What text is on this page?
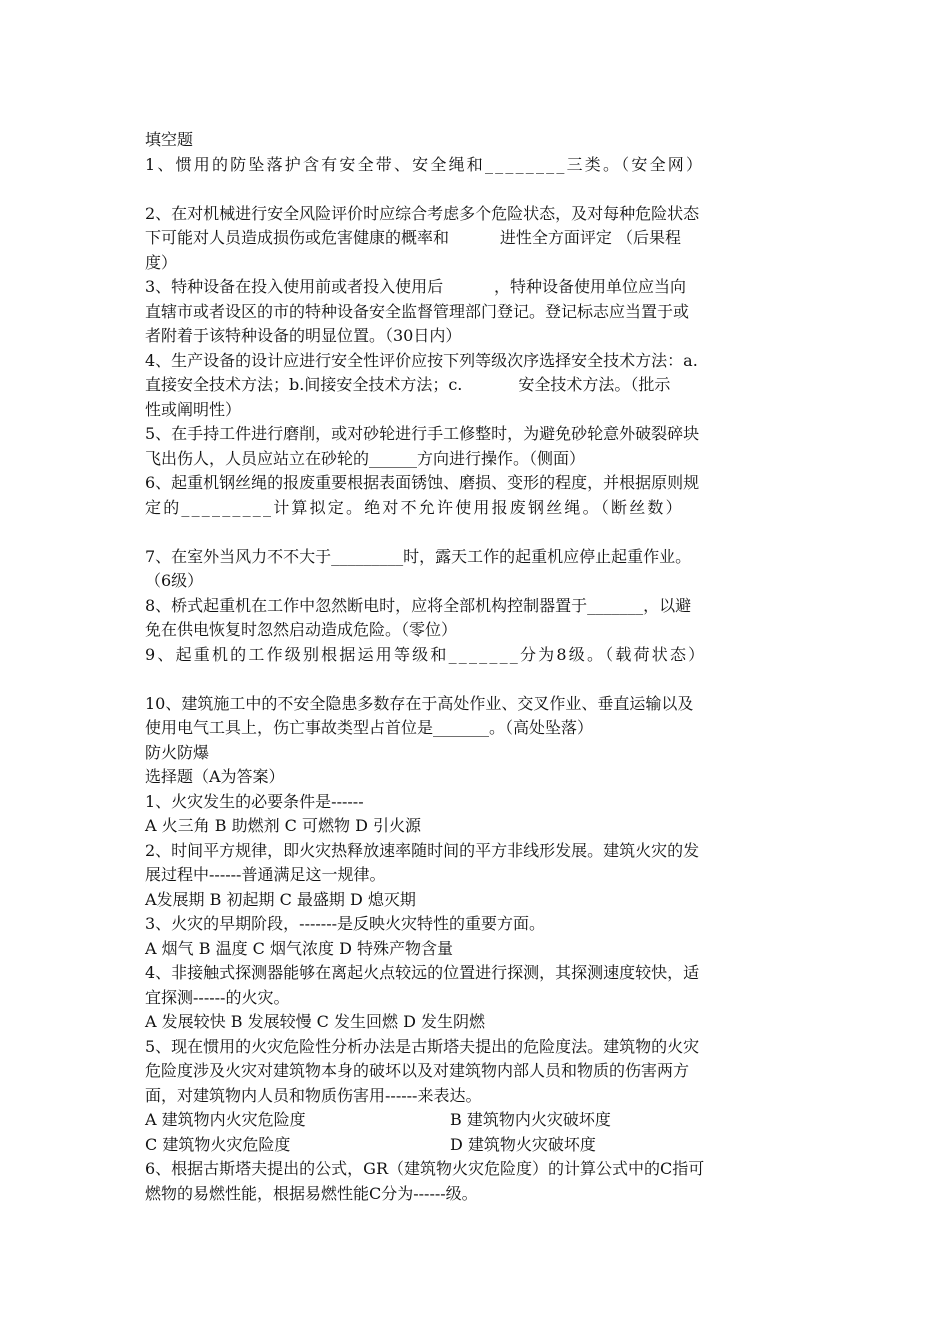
填空题
1、惯用的防坠落护含有安全带、安全绳和________三类。（安全网）
2、在对机械进行安全风险评价时应综合考虑多个危险状态，及对每种危险状态
下可能对人员造成损伤或危害健康的概率和          进性全方面评定 （后果程
度）
3、特种设备在投入使用前或者投入使用后          ，特种设备使用单位应当向
直辖市或者设区的市的特种设备安全监督管理部门登记。登记标志应当置于或
者附着于该特种设备的明显位置。（30日内）
4、生产设备的设计应进行安全性评价应按下列等级次序选择安全技术方法：a.
直接安全技术方法；b.间接安全技术方法；c.           安全技术方法。（批示
性或阐明性）
5、在手持工件进行磨削，或对砂轮进行手工修整时，为避免砂轮意外破裂碎块
飞出伤人，人员应站立在砂轮的______方向进行操作。（侧面）
6、起重机钢丝绳的报废重要根据表面锈蚀、磨损、变形的程度，并根据原则规
定的_________计算拟定。绝对不允许使用报废钢丝绳。（断丝数）
7、在室外当风力不不大于_________时，露天工作的起重机应停止起重作业。
（6级）
8、桥式起重机在工作中忽然断电时，应将全部机构控制器置于_______，以避
免在供电恢复时忽然启动造成危险。（零位）
9、起重机的工作级别根据运用等级和_______分为8级。（载荷状态）
10、建筑施工中的不安全隐患多数存在于高处作业、交叉作业、垂直运输以及
使用电气工具上，伤亡事故类型占首位是_______。（高处坠落）
防火防爆
选择题（A为答案）
1、火灾发生的必要条件是------
A 火三角 B 助燃剂 C 可燃物 D 引火源
2、时间平方规律，即火灾热释放速率随时间的平方非线形发展。建筑火灾的发
展过程中------普通满足这一规律。
A发展期 B 初起期 C 最盛期 D 熄灭期
3、火灾的早期阶段，-------是反映火灾特性的重要方面。
A 烟气 B 温度 C 烟气浓度 D 特殊产物含量
4、非接触式探测器能够在离起火点较远的位置进行探测，其探测速度较快，适
宜探测------的火灾。
A 发展较快 B 发展较慢 C 发生回燃 D 发生阴燃
5、现在惯用的火灾危险性分析办法是古斯塔夫提出的危险度法。建筑物的火灾
危险度涉及火灾对建筑物本身的破坏以及对建筑物内部人员和物质的伤害两方
面，对建筑物内人员和物质伤害用------来表达。
A 建筑物内火灾危险度	B 建筑物内火灾破坏度
C 建筑物火灾危险度	D 建筑物火灾破坏度
6、根据古斯塔夫提出的公式，GR（建筑物火灾危险度）的计算公式中的C指可
燃物的易燃性能，根据易燃性能C分为------级。
